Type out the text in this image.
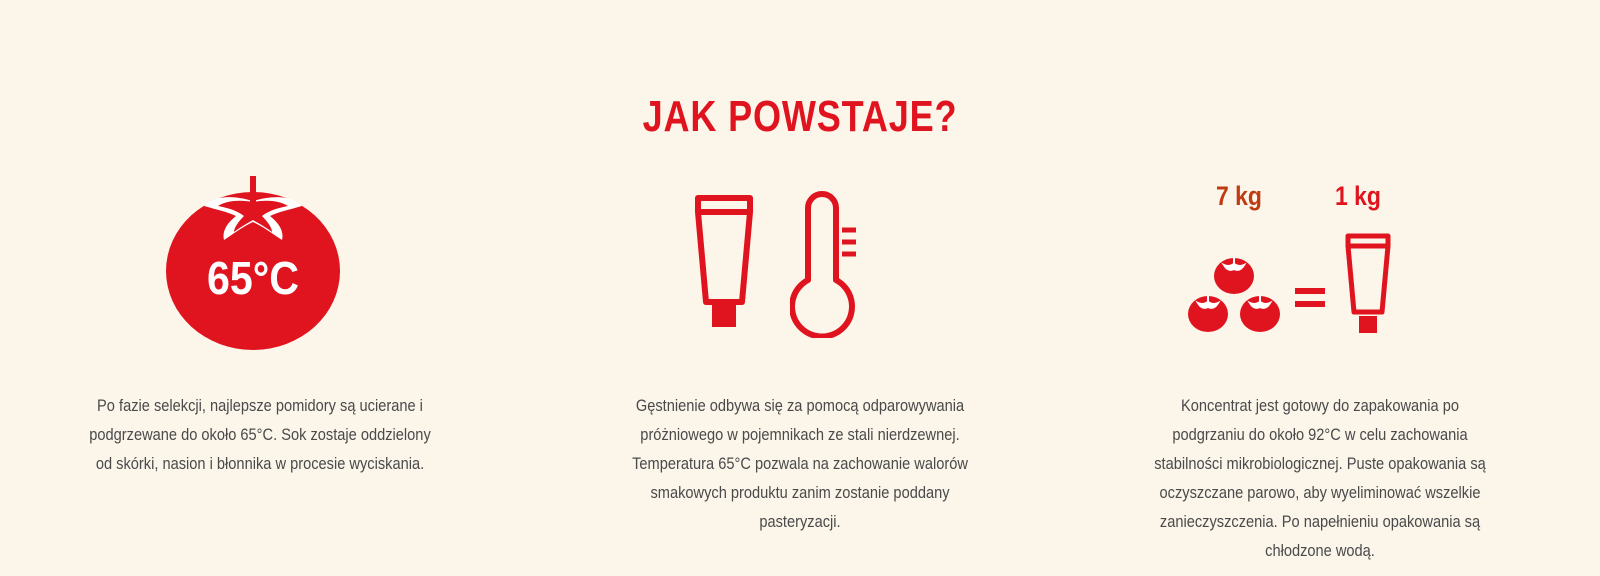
JAK POWSTAJE?
65°C
Po fazie selekcji, najlepsze pomidory są ucierane i
podgrzewane do około 65°C. Sok zostaje oddzielony
od skórki, nasion i błonnika w procesie wyciskania.
Gęstnienie odbywa się za pomocą odparowywania
próżniowego w pojemnikach ze stali nierdzewnej.
Temperatura 65°C pozwala na zachowanie walorów
smakowych produktu zanim zostanie poddany
pasteryzacji.
7 kg	1 kg
Koncentrat jest gotowy do zapakowania po
podgrzaniu do około 92°C w celu zachowania
stabilności mikrobiologicznej. Puste opakowania są
oczyszczane parowo, aby wyeliminować wszelkie
zanieczyszczenia. Po napełnieniu opakowania są
chłodzone wodą.
